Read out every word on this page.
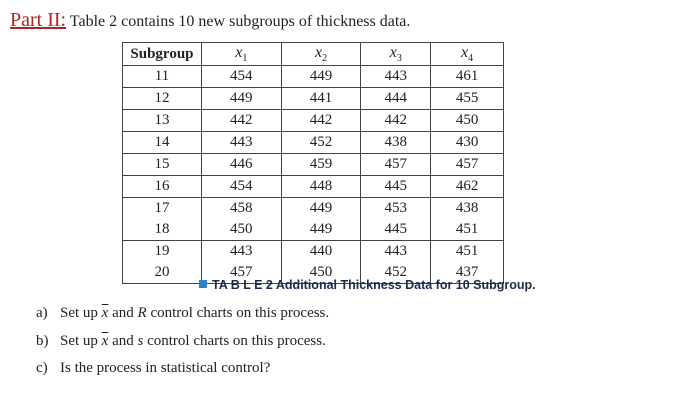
Part II: Table 2 contains 10 new subgroups of thickness data.
Subgroup	$x_1$	$x_2$	$x_3$	$x_4$
11	454	449	443	461
12	449	441	444	455
13	442	442	442	450
14	443	452	438	430
15	446	459	457	457
16	454	448	445	462
17	458	449	453	438
18	450	449	445	451
19	443	440	443	451
20	457	450	452	437
TA B L E 2 Additional Thickness Data for 10 Subgroup.
a) Set up $\overline{x}$ and R control charts on this process.
b) Set up $\overline{x}$ and s control charts on this process.
c) Is the process in statistical control?
